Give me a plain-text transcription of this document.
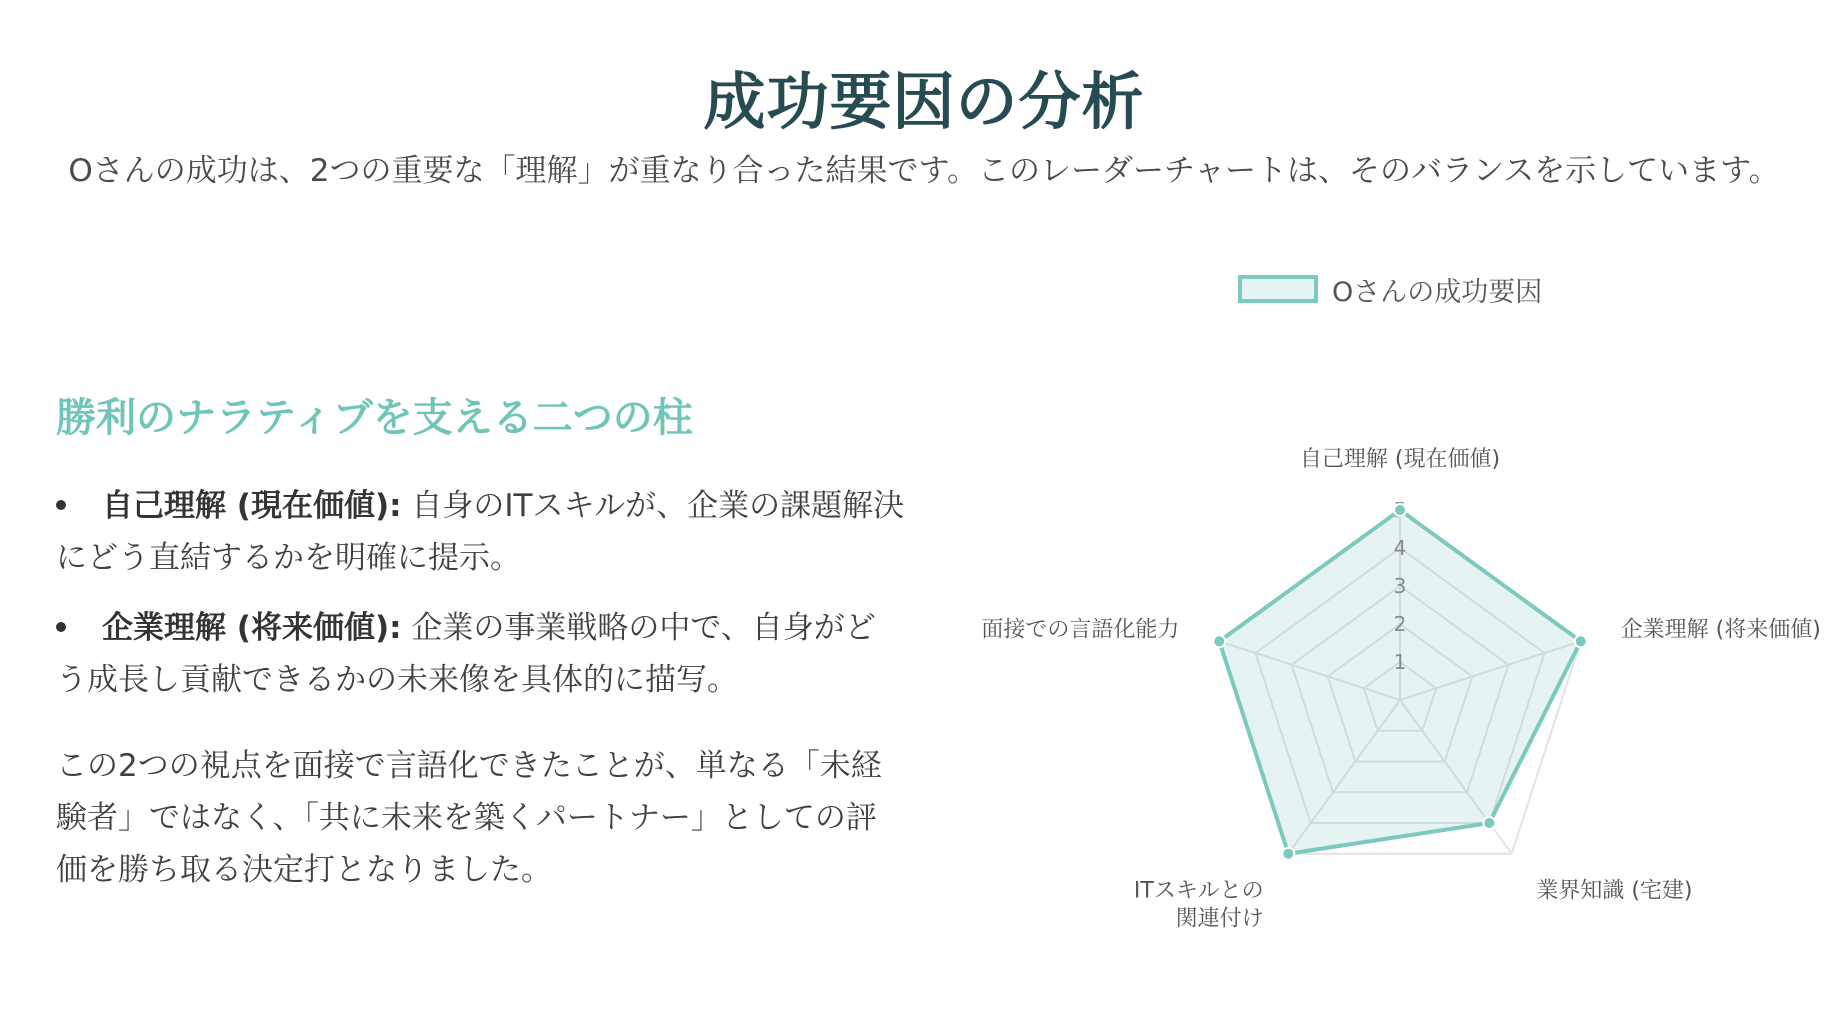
成功要因の分析

Oさんの成功は、2つの重要な「理解」が重なり合った結果です。このレーダーチャートは、そのバランスを示しています。

勝利のナラティブを支える二つの柱
自己理解 (現在価値): 自身のITスキルが、企業の課題解決にどう直結するかを明確に提示。
企業理解 (将来価値): 企業の事業戦略の中で、自身がどう成長し貢献できるかの未来像を具体的に描写。

この2つの視点を面接で言語化できたことが、単なる「未経験者」ではなく、「共に未来を築くパートナー」としての評価を勝ち取る決定打となりました。

Oさんの成功要因
1
2
3
4
自己理解 (現在価値)
企業理解 (将来価値)
業界知識 (宅建)
ITスキルとの関連付け
面接での言語化能力
